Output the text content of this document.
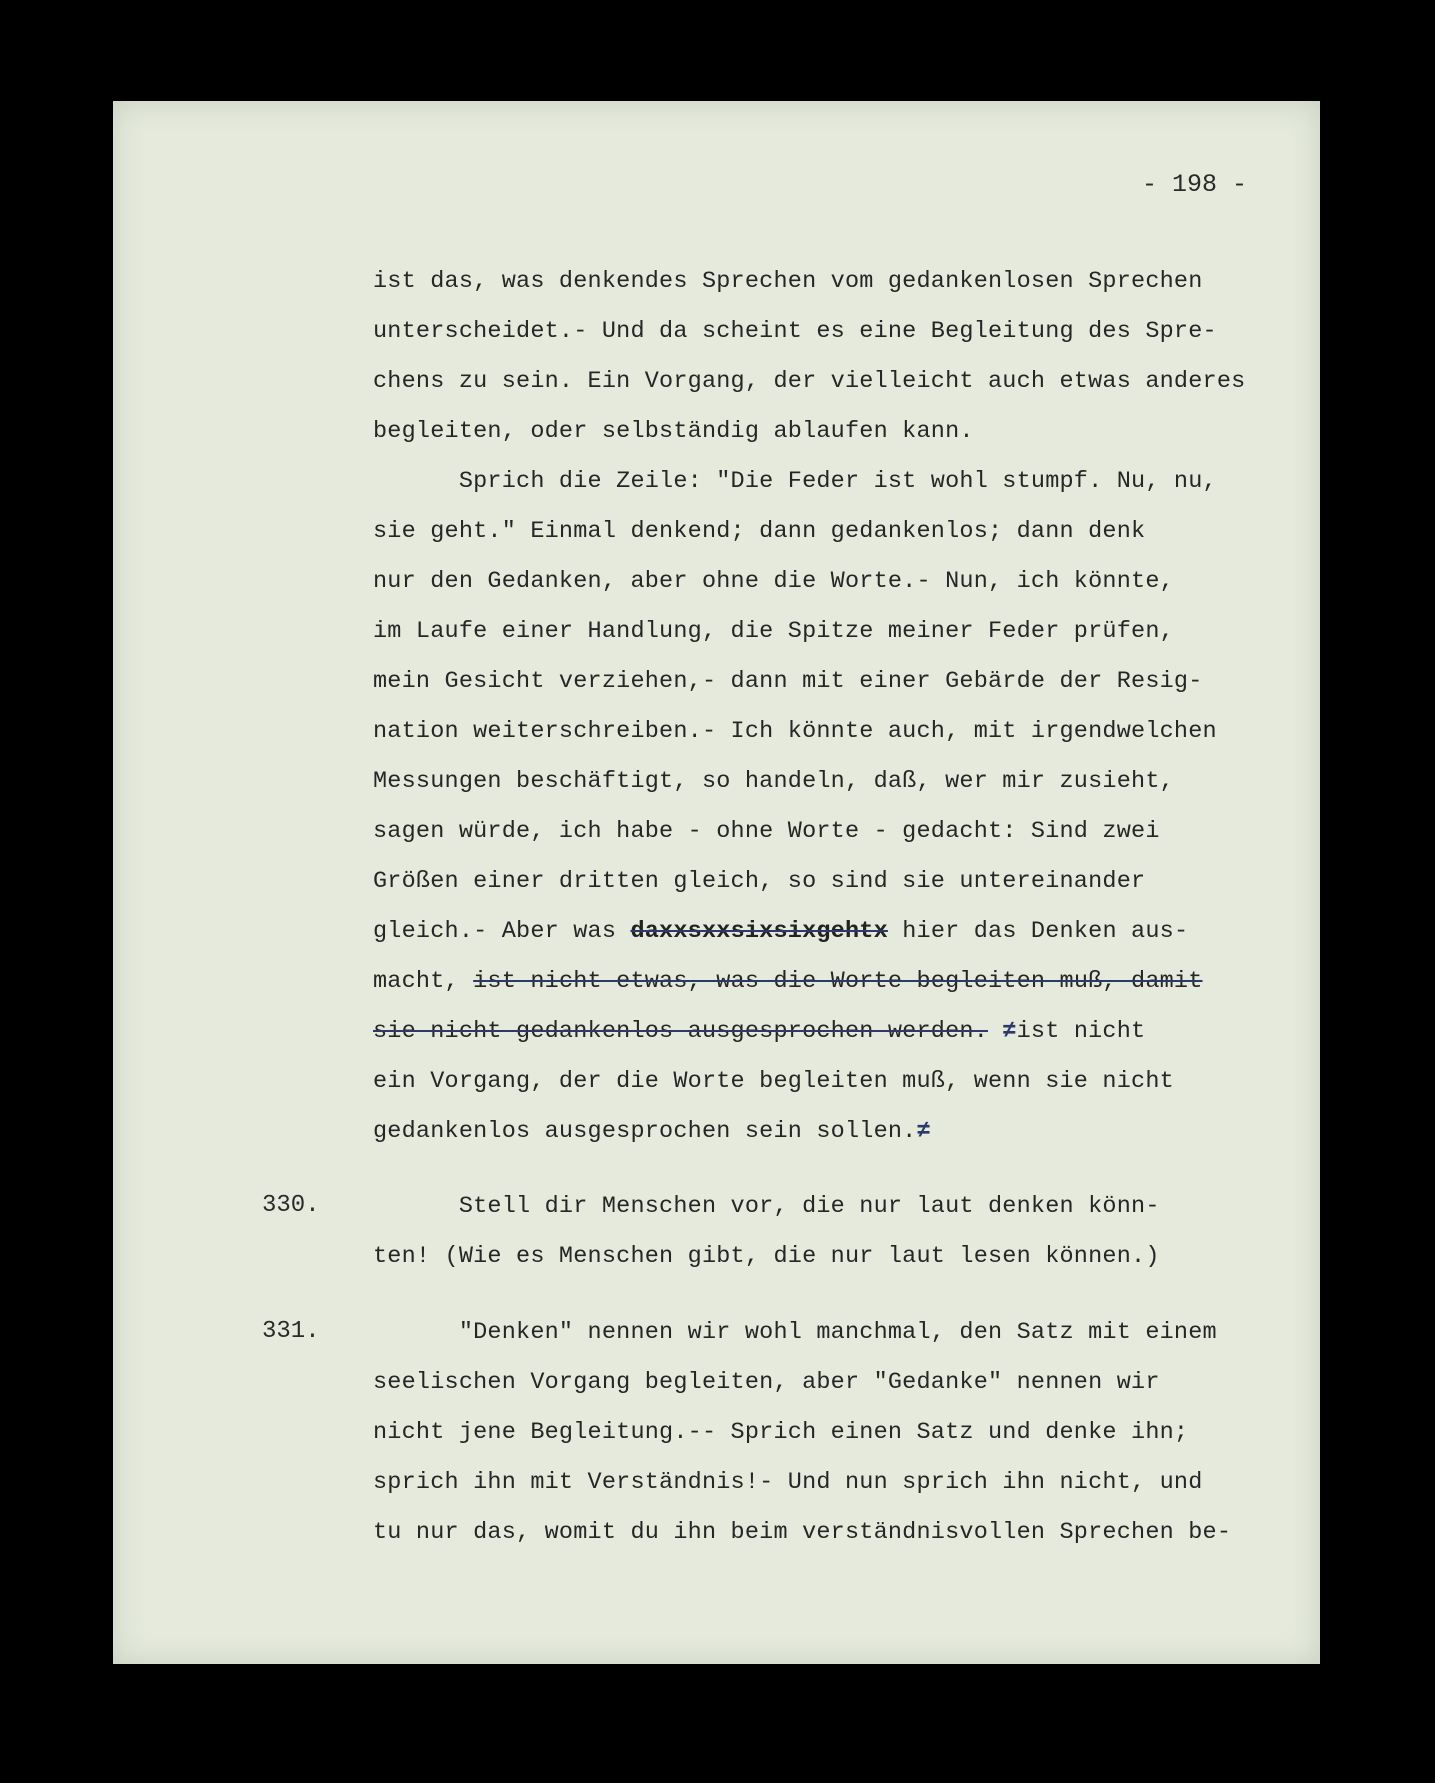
- 198 -
ist das, was denkendes Sprechen vom gedankenlosen Sprechen
unterscheidet.- Und da scheint es eine Begleitung des Spre-
chens zu sein. Ein Vorgang, der vielleicht auch etwas anderes
begleiten, oder selbständig ablaufen kann.
Sprich die Zeile: "Die Feder ist wohl stumpf. Nu, nu,
sie geht." Einmal denkend; dann gedankenlos; dann denk
nur den Gedanken, aber ohne die Worte.- Nun, ich könnte,
im Laufe einer Handlung, die Spitze meiner Feder prüfen,
mein Gesicht verziehen,- dann mit einer Gebärde der Resig-
nation weiterschreiben.- Ich könnte auch, mit irgendwelchen
Messungen beschäftigt, so handeln, daß, wer mir zusieht,
sagen würde, ich habe - ohne Worte - gedacht: Sind zwei
Größen einer dritten gleich, so sind sie untereinander
gleich.- Aber was daxxsxxsixsixgehtx hier das Denken aus-
macht, ist nicht etwas, was die Worte begleiten muß, damit
sie nicht gedankenlos ausgesprochen werden. ≠ist nicht
ein Vorgang, der die Worte begleiten muß, wenn sie nicht
gedankenlos ausgesprochen sein sollen.≠
330. Stell dir Menschen vor, die nur laut denken könn-
ten! (Wie es Menschen gibt, die nur laut lesen können.)
331. "Denken" nennen wir wohl manchmal, den Satz mit einem
seelischen Vorgang begleiten, aber "Gedanke" nennen wir
nicht jene Begleitung.-- Sprich einen Satz und denke ihn;
sprich ihn mit Verständnis!- Und nun sprich ihn nicht, und
tu nur das, womit du ihn beim verständnisvollen Sprechen be-
